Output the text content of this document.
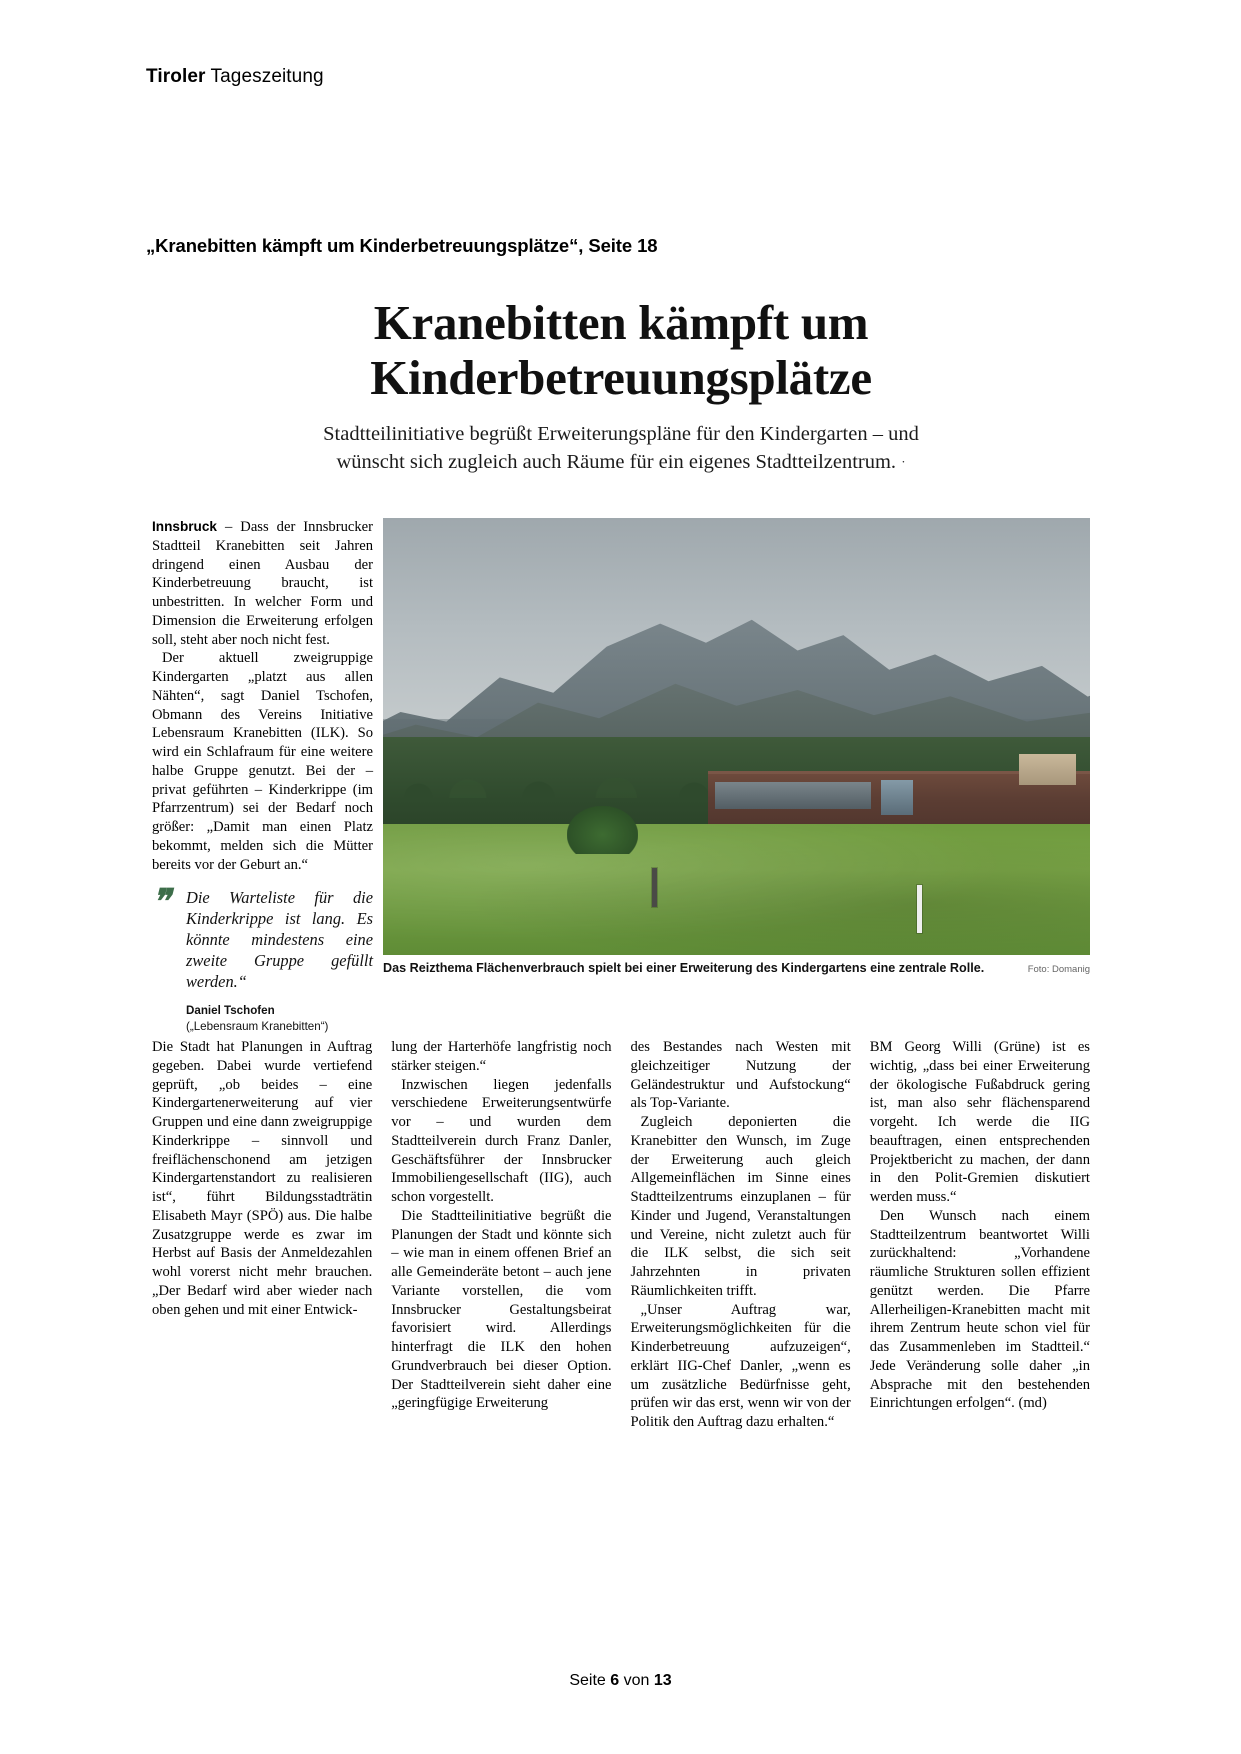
Tiroler Tageszeitung
„Kranebitten kämpft um Kinderbetreuungsplätze“, Seite 18
Kranebitten kämpft um
Kinderbetreuungsplätze
Stadtteilinitiative begrüßt Erweiterungspläne für den Kindergarten – und
wünscht sich zugleich auch Räume für ein eigenes Stadtteilzentrum. ·

Innsbruck – Dass der Innsbrucker Stadtteil Kranebitten seit Jahren dringend einen Ausbau der Kinderbetreuung braucht, ist unbestritten. In welcher Form und Dimension die Erweiterung erfolgen soll, steht aber noch nicht fest.

Der aktuell zweigruppige Kindergarten „platzt aus allen Nähten“, sagt Daniel Tschofen, Obmann des Vereins Initiative Lebensraum Kranebitten (ILK). So wird ein Schlafraum für eine weitere halbe Gruppe genutzt. Bei der – privat geführten – Kinderkrippe (im Pfarrzentrum) sei der Bedarf noch größer: „Damit man einen Platz bekommt, melden sich die Mütter bereits vor der Geburt an.“

❞ Die Warteliste für die Kinderkrippe ist lang. Es könnte mindestens eine zweite Gruppe gefüllt werden.“
Daniel Tschofen
(„Lebensraum Kranebitten“)
Das Reizthema Flächenverbrauch spielt bei einer Erweiterung des Kindergartens eine zentrale Rolle.	Foto: Domanig

Die Stadt hat Planungen in Auftrag gegeben. Dabei wurde vertiefend geprüft, „ob beides – eine Kindergartenerweiterung auf vier Gruppen und eine dann zweigruppige Kinderkrippe – sinnvoll und freiflächenschonend am jetzigen Kindergartenstandort zu realisieren ist“, führt Bildungsstadträtin Elisabeth Mayr (SPÖ) aus. Die halbe Zusatzgruppe werde es zwar im Herbst auf Basis der Anmeldezahlen wohl vorerst nicht mehr brauchen. „Der Bedarf wird aber wieder nach oben gehen und mit einer Entwick-

lung der Harterhöfe langfristig noch stärker steigen.“

Inzwischen liegen jedenfalls verschiedene Erweiterungsentwürfe vor – und wurden dem Stadtteilverein durch Franz Danler, Geschäftsführer der Innsbrucker Immobiliengesellschaft (IIG), auch schon vorgestellt.

Die Stadtteilinitiative begrüßt die Planungen der Stadt und könnte sich – wie man in einem offenen Brief an alle Gemeinderäte betont – auch jene Variante vorstellen, die vom Innsbrucker Gestaltungsbeirat favorisiert wird. Allerdings hinterfragt die ILK den hohen Grundverbrauch bei dieser Option. Der Stadtteilverein sieht daher eine „geringfügige Erweiterung

des Bestandes nach Westen mit gleichzeitiger Nutzung der Geländestruktur und Aufstockung“ als Top-Variante.

Zugleich deponierten die Kranebitter den Wunsch, im Zuge der Erweiterung auch gleich Allgemeinflächen im Sinne eines Stadtteilzentrums einzuplanen – für Kinder und Jugend, Veranstaltungen und Vereine, nicht zuletzt auch für die ILK selbst, die sich seit Jahrzehnten in privaten Räumlichkeiten trifft.

„Unser Auftrag war, Erweiterungsmöglichkeiten für die Kinderbetreuung aufzuzeigen“, erklärt IIG-Chef Danler, „wenn es um zusätzliche Bedürfnisse geht, prüfen wir das erst, wenn wir von der Politik den Auftrag dazu erhalten.“

BM Georg Willi (Grüne) ist es wichtig, „dass bei einer Erweiterung der ökologische Fußabdruck gering ist, man also sehr flächensparend vorgeht. Ich werde die IIG beauftragen, einen entsprechenden Projektbericht zu machen, der dann in den Polit-Gremien diskutiert werden muss.“

Den Wunsch nach einem Stadtteilzentrum beantwortet Willi zurückhaltend: „Vorhandene räumliche Strukturen sollen effizient genützt werden. Die Pfarre Allerheiligen-Kranebitten macht mit ihrem Zentrum heute schon viel für das Zusammenleben im Stadtteil.“ Jede Veränderung solle daher „in Absprache mit den bestehenden Einrichtungen erfolgen“. (md)

Seite 6 von 13
